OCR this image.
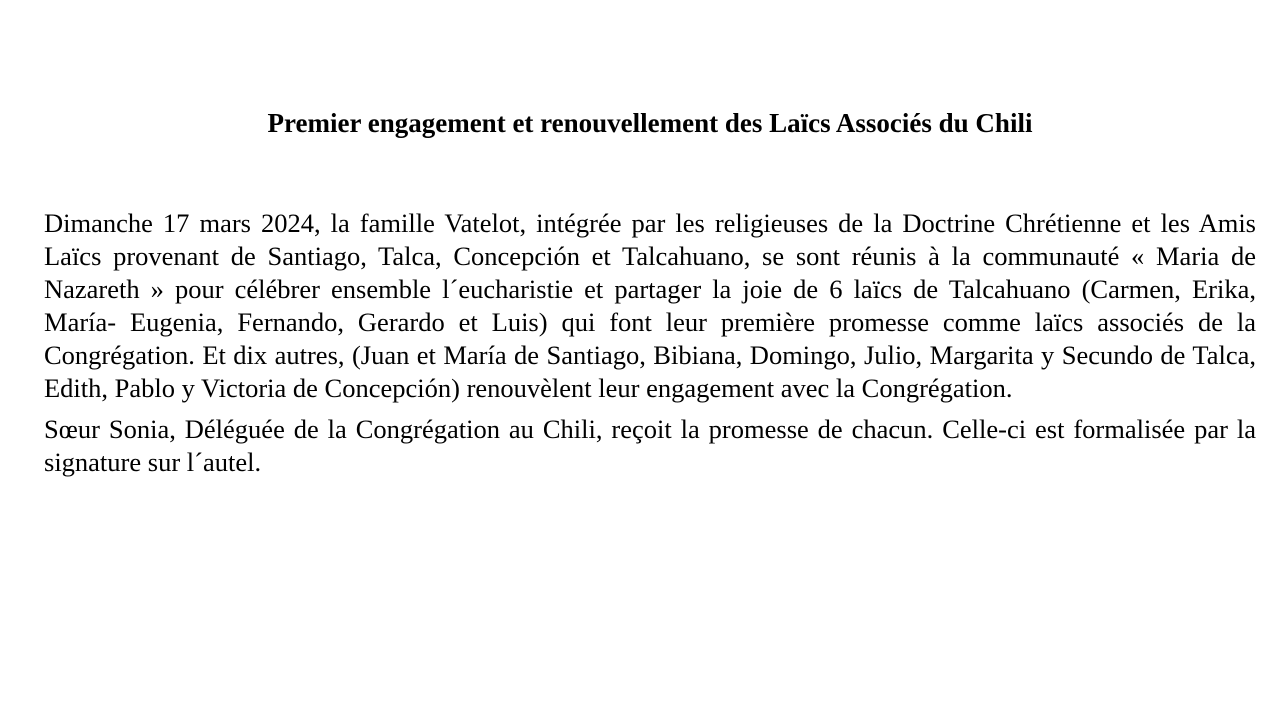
Premier engagement et renouvellement des Laïcs Associés du Chili

Dimanche 17 mars 2024, la famille Vatelot, intégrée par les religieuses de la Doctrine Chrétienne et les Amis Laïcs provenant de Santiago, Talca, Concepción et Talcahuano, se sont réunis à la communauté « Maria de Nazareth » pour célébrer ensemble l´eucharistie et partager la joie de 6 laïcs de Talcahuano (Carmen, Erika, María- Eugenia, Fernando, Gerardo et Luis) qui font leur première promesse comme laïcs associés de la Congrégation. Et dix autres, (Juan et María de Santiago, Bibiana, Domingo, Julio, Margarita y Secundo de Talca, Edith, Pablo y Victoria de Concepción) renouvèlent leur engagement avec la Congrégation.

Sœur Sonia, Déléguée de la Congrégation au Chili, reçoit la promesse de chacun. Celle-ci est formalisée par la signature sur l´autel.
